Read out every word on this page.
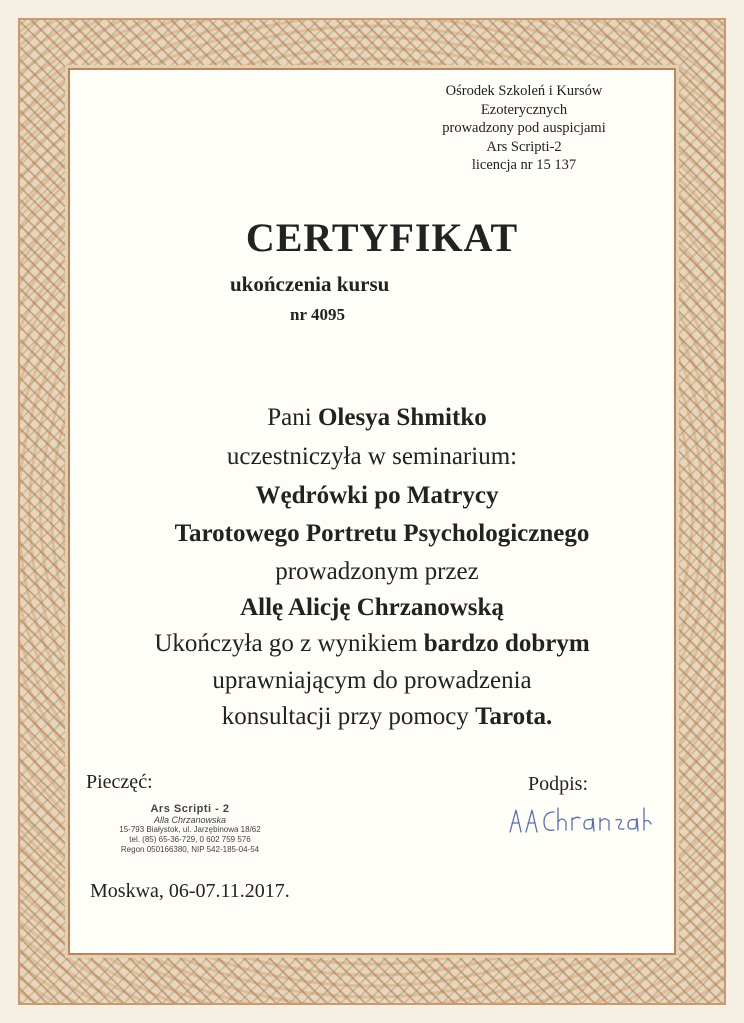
Ośrodek Szkoleń i Kursów
Ezoterycznych
prowadzony pod auspicjami
Ars Scripti-2
licencja nr 15 137
CERTYFIKAT
ukończenia kursu
nr 4095
Pani Olesya Shmitko
uczestniczyła w seminarium:
Wędrówki po Matrycy
Tarotowego Portretu Psychologicznego
prowadzonym przez
Allę Alicję Chrzanowską
Ukończyła go z wynikiem bardzo dobrym
uprawniającym do prowadzenia
konsultacji przy pomocy Tarota.
Pieczęć:
Ars Scripti - 2
Alla Chrzanowska
15-793 Białystok, ul. Jarzębinowa 18/62
tel. (85) 65-36-729, 0 602 759 576
Regon 050166380, NIP 542-185-04-54
Podpis:
Moskwa, 06-07.11.2017.
